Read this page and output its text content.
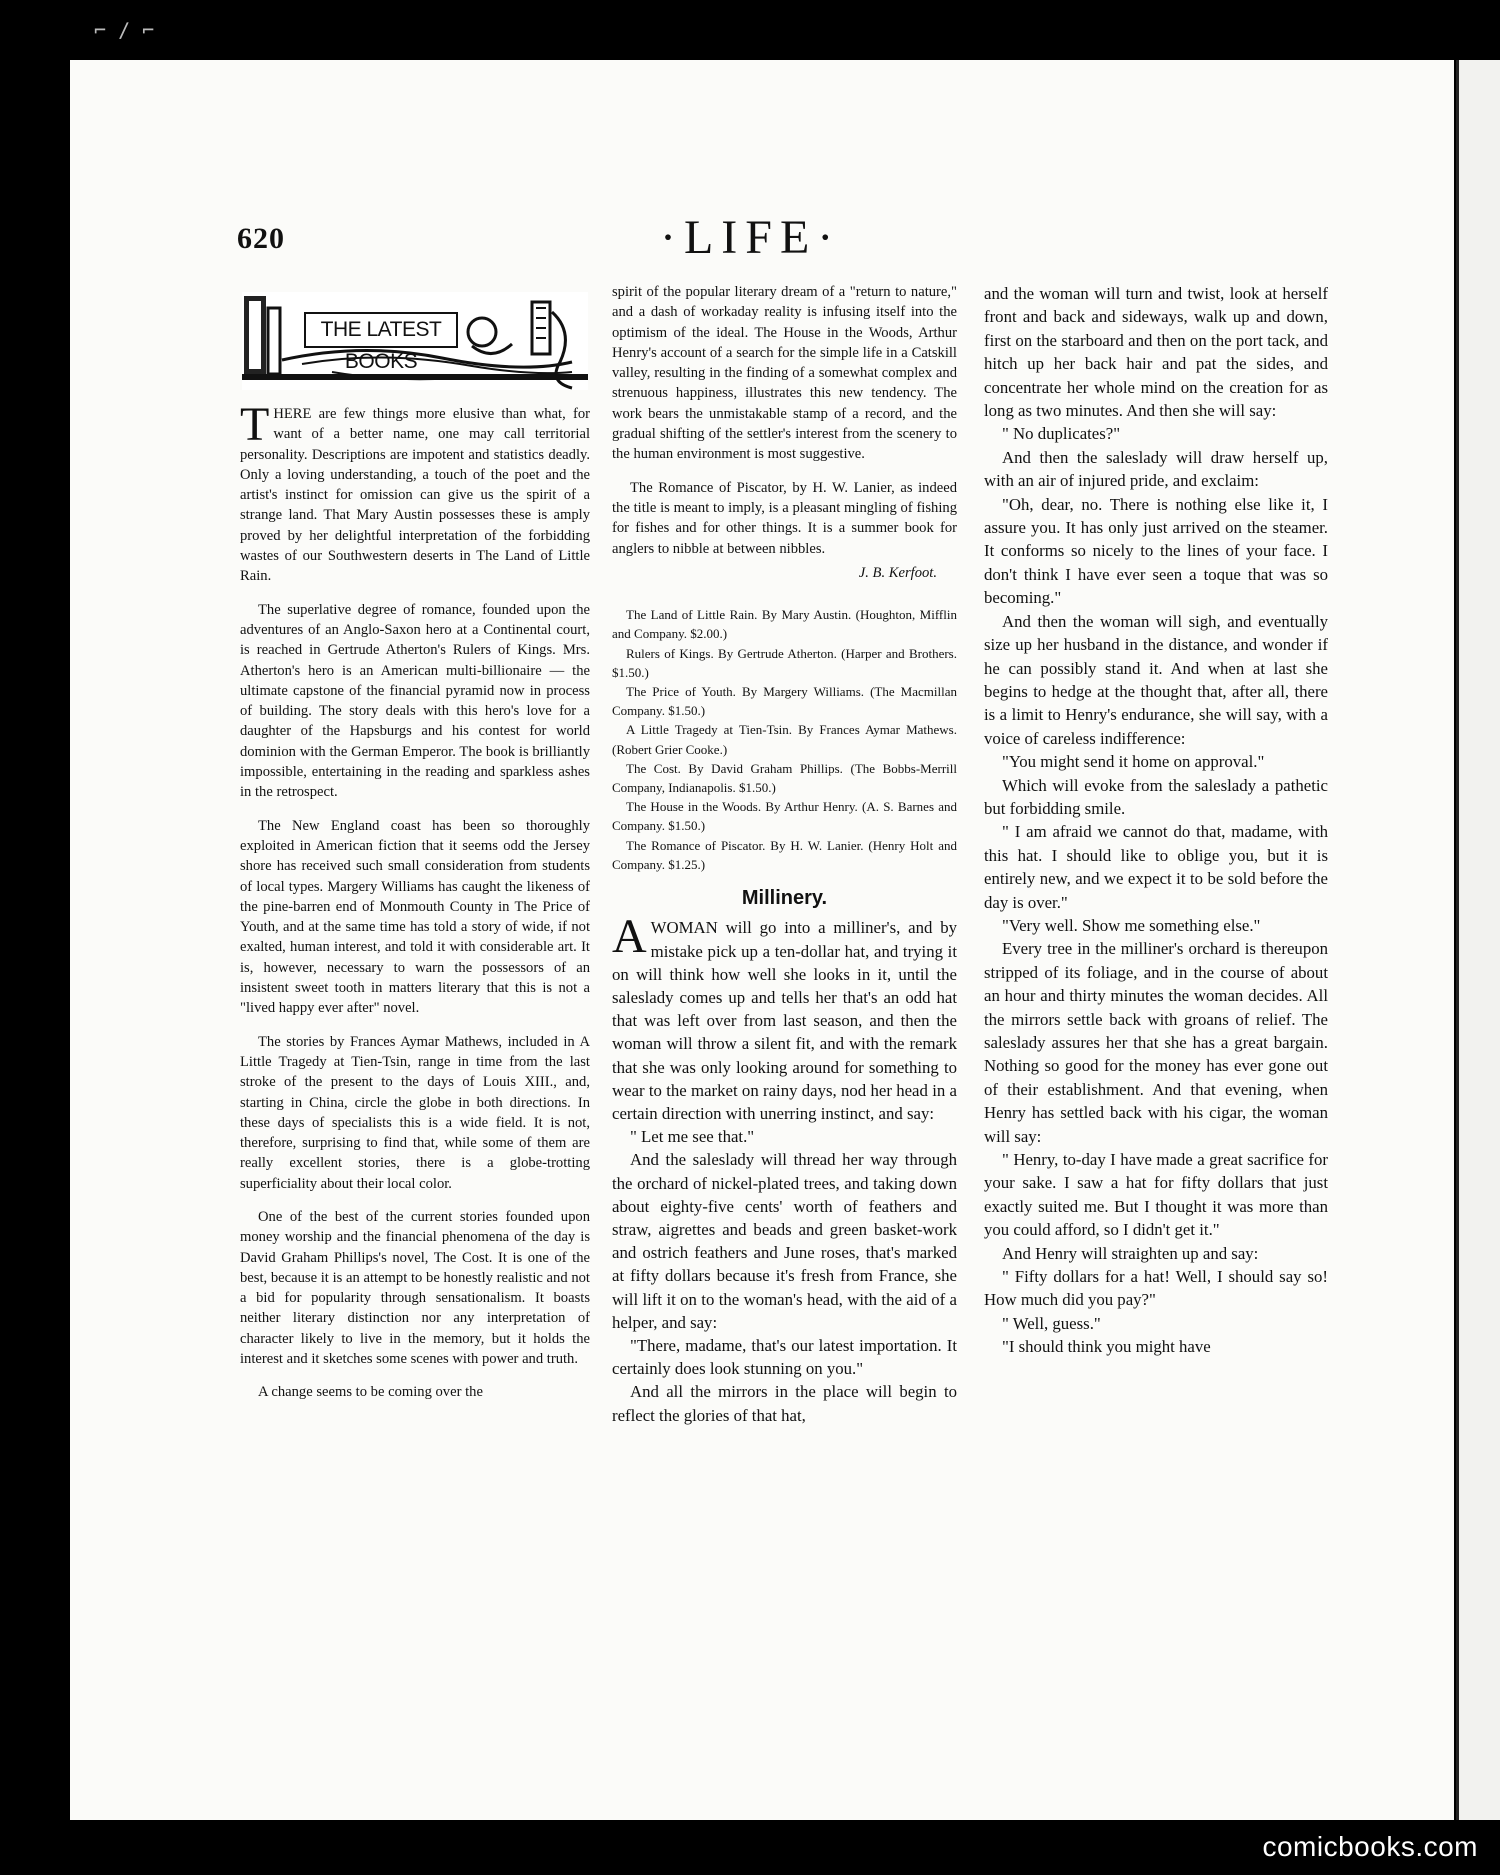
⌐ ∕ ⌐
620	·LIFE·
THE LATEST BOOKS

THERE are few things more elusive than what, for want of a better name, one may call territorial personality. Descriptions are impotent and statistics deadly. Only a loving understanding, a touch of the poet and the artist's instinct for omission can give us the spirit of a strange land. That Mary Austin possesses these is amply proved by her delightful interpretation of the forbidding wastes of our Southwestern deserts in The Land of Little Rain.

The superlative degree of romance, founded upon the adventures of an Anglo-Saxon hero at a Continental court, is reached in Gertrude Atherton's Rulers of Kings. Mrs. Atherton's hero is an American multi-billionaire — the ultimate capstone of the financial pyramid now in process of building. The story deals with this hero's love for a daughter of the Hapsburgs and his contest for world dominion with the German Emperor. The book is brilliantly impossible, entertaining in the reading and sparkless ashes in the retrospect.

The New England coast has been so thoroughly exploited in American fiction that it seems odd the Jersey shore has received such small consideration from students of local types. Margery Williams has caught the likeness of the pine-barren end of Monmouth County in The Price of Youth, and at the same time has told a story of wide, if not exalted, human interest, and told it with considerable art. It is, however, necessary to warn the possessors of an insistent sweet tooth in matters literary that this is not a "lived happy ever after" novel.

The stories by Frances Aymar Mathews, included in A Little Tragedy at Tien-Tsin, range in time from the last stroke of the present to the days of Louis XIII., and, starting in China, circle the globe in both directions. In these days of specialists this is a wide field. It is not, therefore, surprising to find that, while some of them are really excellent stories, there is a globe-trotting superficiality about their local color.

One of the best of the current stories founded upon money worship and the financial phenomena of the day is David Graham Phillips's novel, The Cost. It is one of the best, because it is an attempt to be honestly realistic and not a bid for popularity through sensationalism. It boasts neither literary distinction nor any interpretation of character likely to live in the memory, but it holds the interest and it sketches some scenes with power and truth.

A change seems to be coming over the

spirit of the popular literary dream of a "return to nature," and a dash of workaday reality is infusing itself into the optimism of the ideal. The House in the Woods, Arthur Henry's account of a search for the simple life in a Catskill valley, resulting in the finding of a somewhat complex and strenuous happiness, illustrates this new tendency. The work bears the unmistakable stamp of a record, and the gradual shifting of the settler's interest from the scenery to the human environment is most suggestive.

The Romance of Piscator, by H. W. Lanier, as indeed the title is meant to imply, is a pleasant mingling of fishing for fishes and for other things. It is a summer book for anglers to nibble at between nibbles.

J. B. Kerfoot.

The Land of Little Rain. By Mary Austin. (Houghton, Mifflin and Company. $2.00.)

Rulers of Kings. By Gertrude Atherton. (Harper and Brothers. $1.50.)

The Price of Youth. By Margery Williams. (The Macmillan Company. $1.50.)

A Little Tragedy at Tien-Tsin. By Frances Aymar Mathews. (Robert Grier Cooke.)

The Cost. By David Graham Phillips. (The Bobbs-Merrill Company, Indianapolis. $1.50.)

The House in the Woods. By Arthur Henry. (A. S. Barnes and Company. $1.50.)

The Romance of Piscator. By H. W. Lanier. (Henry Holt and Company. $1.25.)

Millinery.

AWOMAN will go into a milliner's, and by mistake pick up a ten-dollar hat, and trying it on will think how well she looks in it, until the saleslady comes up and tells her that's an odd hat that was left over from last season, and then the woman will throw a silent fit, and with the remark that she was only looking around for something to wear to the market on rainy days, nod her head in a certain direction with unerring instinct, and say:

" Let me see that."

And the saleslady will thread her way through the orchard of nickel-plated trees, and taking down about eighty-five cents' worth of feathers and straw, aigrettes and beads and green basket-work and ostrich feathers and June roses, that's marked at fifty dollars because it's fresh from France, she will lift it on to the woman's head, with the aid of a helper, and say:

"There, madame, that's our latest importation. It certainly does look stunning on you."

And all the mirrors in the place will begin to reflect the glories of that hat,

and the woman will turn and twist, look at herself front and back and sideways, walk up and down, first on the starboard and then on the port tack, and hitch up her back hair and pat the sides, and concentrate her whole mind on the creation for as long as two minutes. And then she will say:

" No duplicates?"

And then the saleslady will draw herself up, with an air of injured pride, and exclaim:

"Oh, dear, no. There is nothing else like it, I assure you. It has only just arrived on the steamer. It conforms so nicely to the lines of your face. I don't think I have ever seen a toque that was so becoming."

And then the woman will sigh, and eventually size up her husband in the distance, and wonder if he can possibly stand it. And when at last she begins to hedge at the thought that, after all, there is a limit to Henry's endurance, she will say, with a voice of careless indifference:

"You might send it home on approval."

Which will evoke from the saleslady a pathetic but forbidding smile.

" I am afraid we cannot do that, madame, with this hat. I should like to oblige you, but it is entirely new, and we expect it to be sold before the day is over."

"Very well. Show me something else."

Every tree in the milliner's orchard is thereupon stripped of its foliage, and in the course of about an hour and thirty minutes the woman decides. All the mirrors settle back with groans of relief. The saleslady assures her that she has a great bargain. Nothing so good for the money has ever gone out of their establishment. And that evening, when Henry has settled back with his cigar, the woman will say:

" Henry, to-day I have made a great sacrifice for your sake. I saw a hat for fifty dollars that just exactly suited me. But I thought it was more than you could afford, so I didn't get it."

And Henry will straighten up and say:

" Fifty dollars for a hat! Well, I should say so! How much did you pay?"

" Well, guess."

"I should think you might have

comicbooks.com
